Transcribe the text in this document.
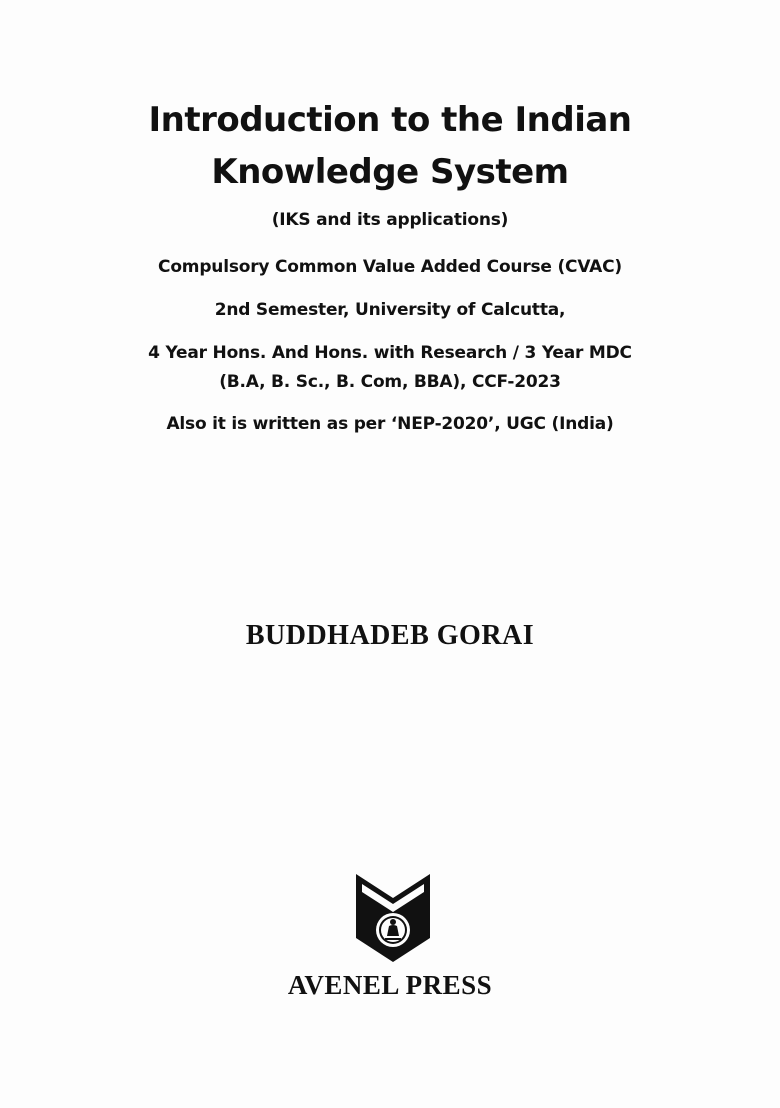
Introduction to the Indian
Knowledge System
(IKS and its applications)
Compulsory Common Value Added Course (CVAC)
2nd Semester, University of Calcutta,
4 Year Hons. And Hons. with Research / 3 Year MDC
(B.A, B. Sc., B. Com, BBA), CCF-2023
Also it is written as per ‘NEP-2020’, UGC (India)
BUDDHADEB GORAI
AVENEL PRESS
